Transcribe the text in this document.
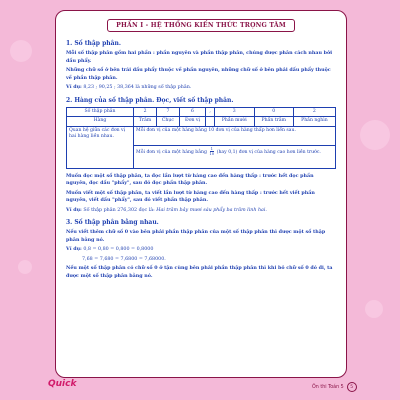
PHẦN I - HỆ THỐNG KIẾN THỨC TRỌNG TÂM
1. Số thập phân.

Mỗi số thập phân gồm hai phần : phần nguyên và phần thập phân, chúng được phân cách nhau bởi dấu phẩy.

Những chữ số ở bên trái dấu phẩy thuộc về phần nguyên, những chữ số ở bên phải dấu phẩy thuộc về phần thập phân.

Ví dụ: 8,23 ; 90,25 ; 38,364 là những số thập phân.

2. Hàng của số thập phân. Đọc, viết số thập phân.
Số thập phân	2	7	6	,	3	0	2
Hàng	Trăm	Chục	Đơn vị		Phần mười	Phần trăm	Phần nghìn
Quan hệ giữa các đơn vị hai hàng liền nhau.	Mỗi đơn vị của một hàng bằng 10 đơn vị của hàng thấp hơn liền sau.						
	Mỗi đơn vị của một hàng bằng $\frac{1}{10} (hay$ 0,1) đơn vị của hàng cao hơn liền trước.						

Muốn đọc một số thập phân, ta đọc lần lượt từ hàng cao đến hàng thấp : trước hết đọc phần nguyên, đọc dấu "phẩy", sau đó đọc phần thập phân.

Muốn viết một số thập phân, ta viết lần lượt từ hàng cao đến hàng thấp : trước hết viết phần nguyên, viết dấu "phẩy", sau đó viết phần thập phân.

Ví dụ: Số thập phân 276,302 đọc là: Hai trăm bảy mươi sáu phẩy ba trăm linh hai.

3. Số thập phân bằng nhau.

Nếu viết thêm chữ số 0 vào bên phải phần thập phân của một số thập phân thì được một số thập phân bằng nó.

Ví dụ: 0,8 = 0,80 = 0,800 = 0,8000

7,68 = 7,680 = 7,6800 = 7,68000.

Nếu một số thập phân có chữ số 0 ở tận cùng bên phải phần thập phân thì khi bỏ chữ số 0 đó đi, ta được một số thập phân bằng nó.

Quick	Ôn thi Toán 5	5
